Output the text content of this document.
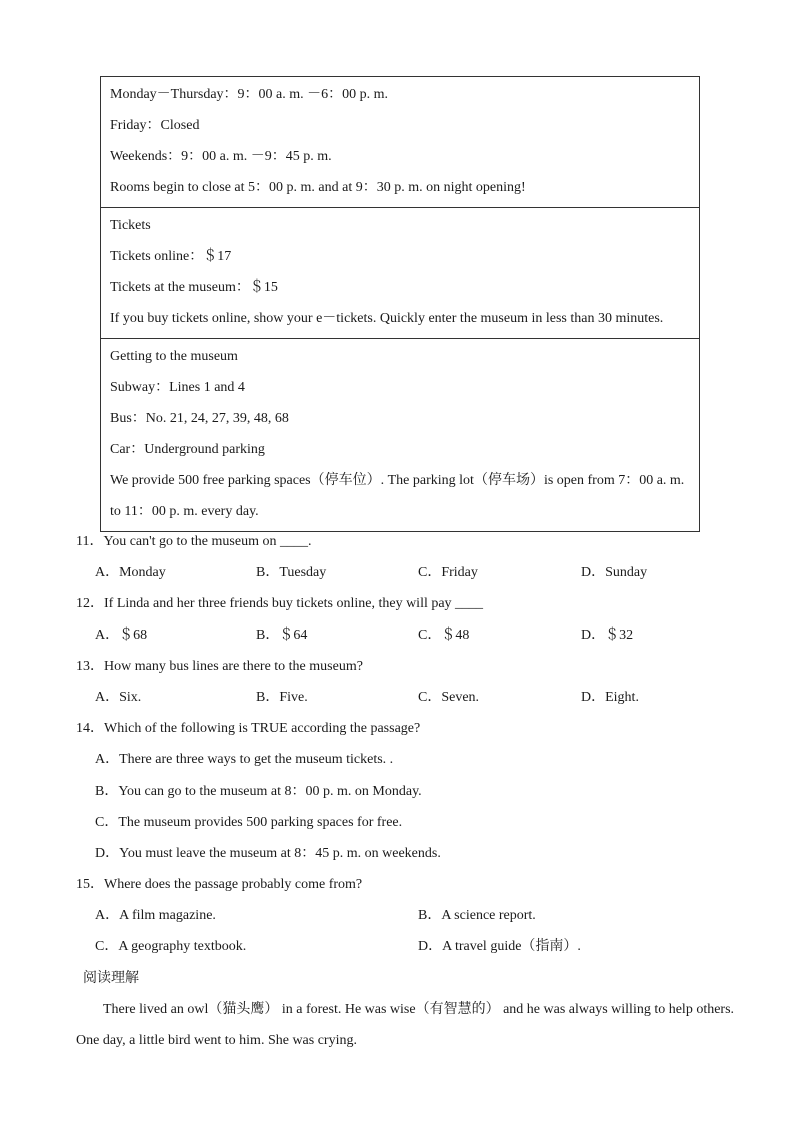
Monday－Thursday：9：00 a. m. －6：00 p. m.
Friday：Closed
Weekends：9：00 a. m. －9：45 p. m.
Rooms begin to close at 5：00 p. m. and at 9：30 p. m. on night opening!
Tickets
Tickets online：＄17
Tickets at the museum：＄15
If you buy tickets online, show your e－tickets. Quickly enter the museum in less than 30 minutes.
Getting to the museum
Subway：Lines 1 and 4
Bus：No. 21, 24, 27, 39, 48, 68
Car：Underground parking
We provide 500 free parking spaces（停车位）. The parking lot（停车场）is open from 7：00 a. m.
to 11：00 p. m. every day.
11．You can't go to the museum on ____.
A．Monday	B．Tuesday	C．Friday	D．Sunday
12．If Linda and her three friends buy tickets online, they will pay ____
A．＄68	B．＄64	C．＄48	D．＄32
13．How many bus lines are there to the museum?
A．Six.	B．Five.	C．Seven.	D．Eight.
14．Which of the following is TRUE according the passage?
A．There are three ways to get the museum tickets. .
B．You can go to the museum at 8：00 p. m. on Monday.
C．The museum provides 500 parking spaces for free.
D．You must leave the museum at 8：45 p. m. on weekends.
15．Where does the passage probably come from?
A．A film magazine.	B．A science report.
C．A geography textbook.	D．A travel guide（指南）.
阅读理解
There lived an owl（猫头鹰） in a forest. He was wise（有智慧的） and he was always willing to help others.
One day, a little bird went to him. She was crying.
